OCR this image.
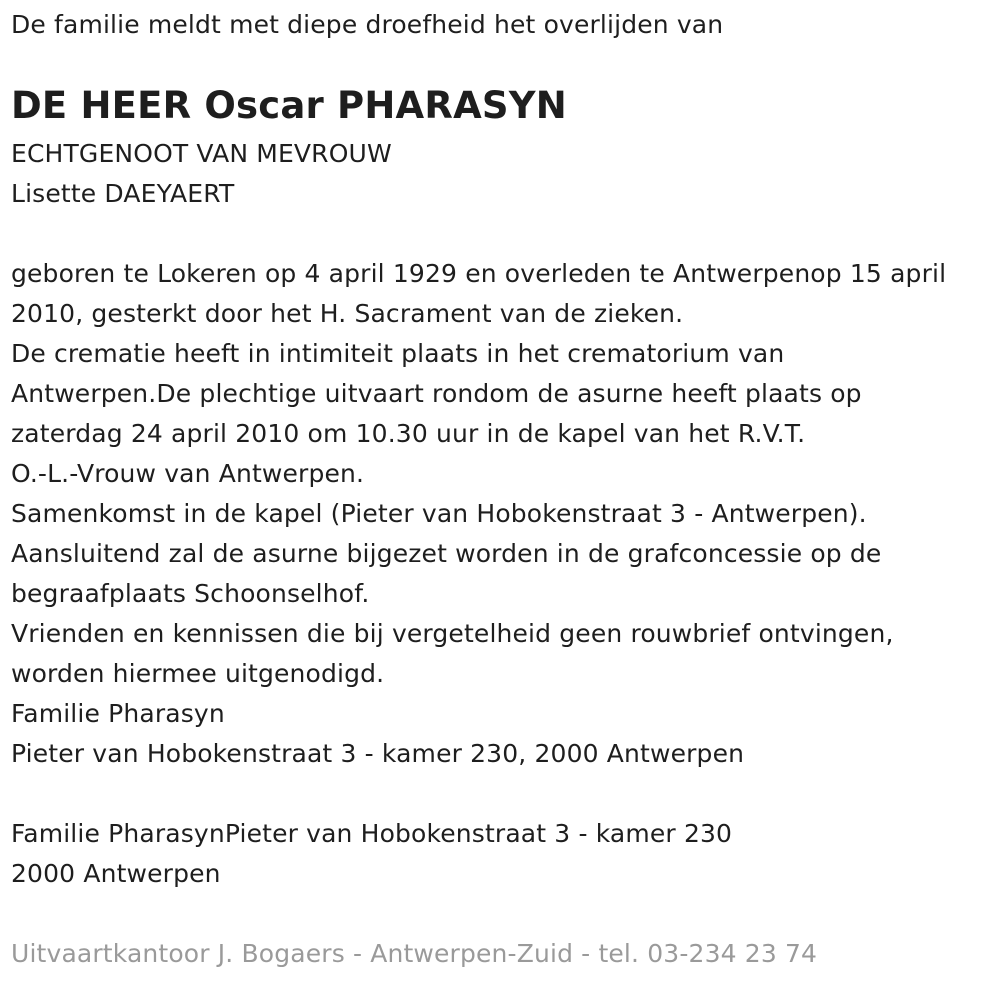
De familie meldt met diepe droefheid het overlijden van
DE HEER Oscar PHARASYN
ECHTGENOOT VAN MEVROUW
Lisette DAEYAERT
geboren te Lokeren op 4 april 1929 en overleden te Antwerpenop 15 april
2010, gesterkt door het H. Sacrament van de zieken.
De crematie heeft in intimiteit plaats in het crematorium van
Antwerpen.De plechtige uitvaart rondom de asurne heeft plaats op
zaterdag 24 april 2010 om 10.30 uur in de kapel van het R.V.T.
O.-L.-Vrouw van Antwerpen.
Samenkomst in de kapel (Pieter van Hobokenstraat 3 - Antwerpen).
Aansluitend zal de asurne bijgezet worden in de grafconcessie op de
begraafplaats Schoonselhof.
Vrienden en kennissen die bij vergetelheid geen rouwbrief ontvingen,
worden hiermee uitgenodigd.
Familie Pharasyn
Pieter van Hobokenstraat 3 - kamer 230, 2000 Antwerpen
Familie PharasynPieter van Hobokenstraat 3 - kamer 230
2000 Antwerpen
Uitvaartkantoor J. Bogaers - Antwerpen-Zuid - tel. 03-234 23 74
